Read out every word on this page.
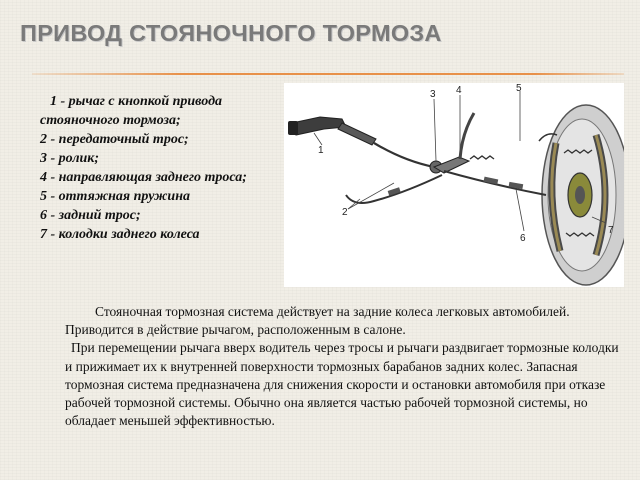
ПРИВОД СТОЯНОЧНОГО ТОРМОЗА
1 - рычаг с кнопкой привода стояночного тормоза;
2 - передаточный трос;
3 - ролик;
4 - направляющая заднего троса;
5 - оттяжная пружина
6 - задний трос;
7 - колодки заднего колеса
1
2
3 4	5
6
7

Стояночная тормозная система действует на задние колеса легковых автомобилей. Приводится в действие рычагом, расположенным в салоне.

При перемещении рычага вверх водитель через тросы и рычаги раздвигает тормозные колодки и прижимает их к внутренней поверхности тормозных барабанов задних колес. Запасная тормозная система предназначена для снижения скорости и остановки автомобиля при отказе рабочей тормозной системы. Обычно она является частью рабочей тормозной системы, но обладает меньшей эффективностью.
